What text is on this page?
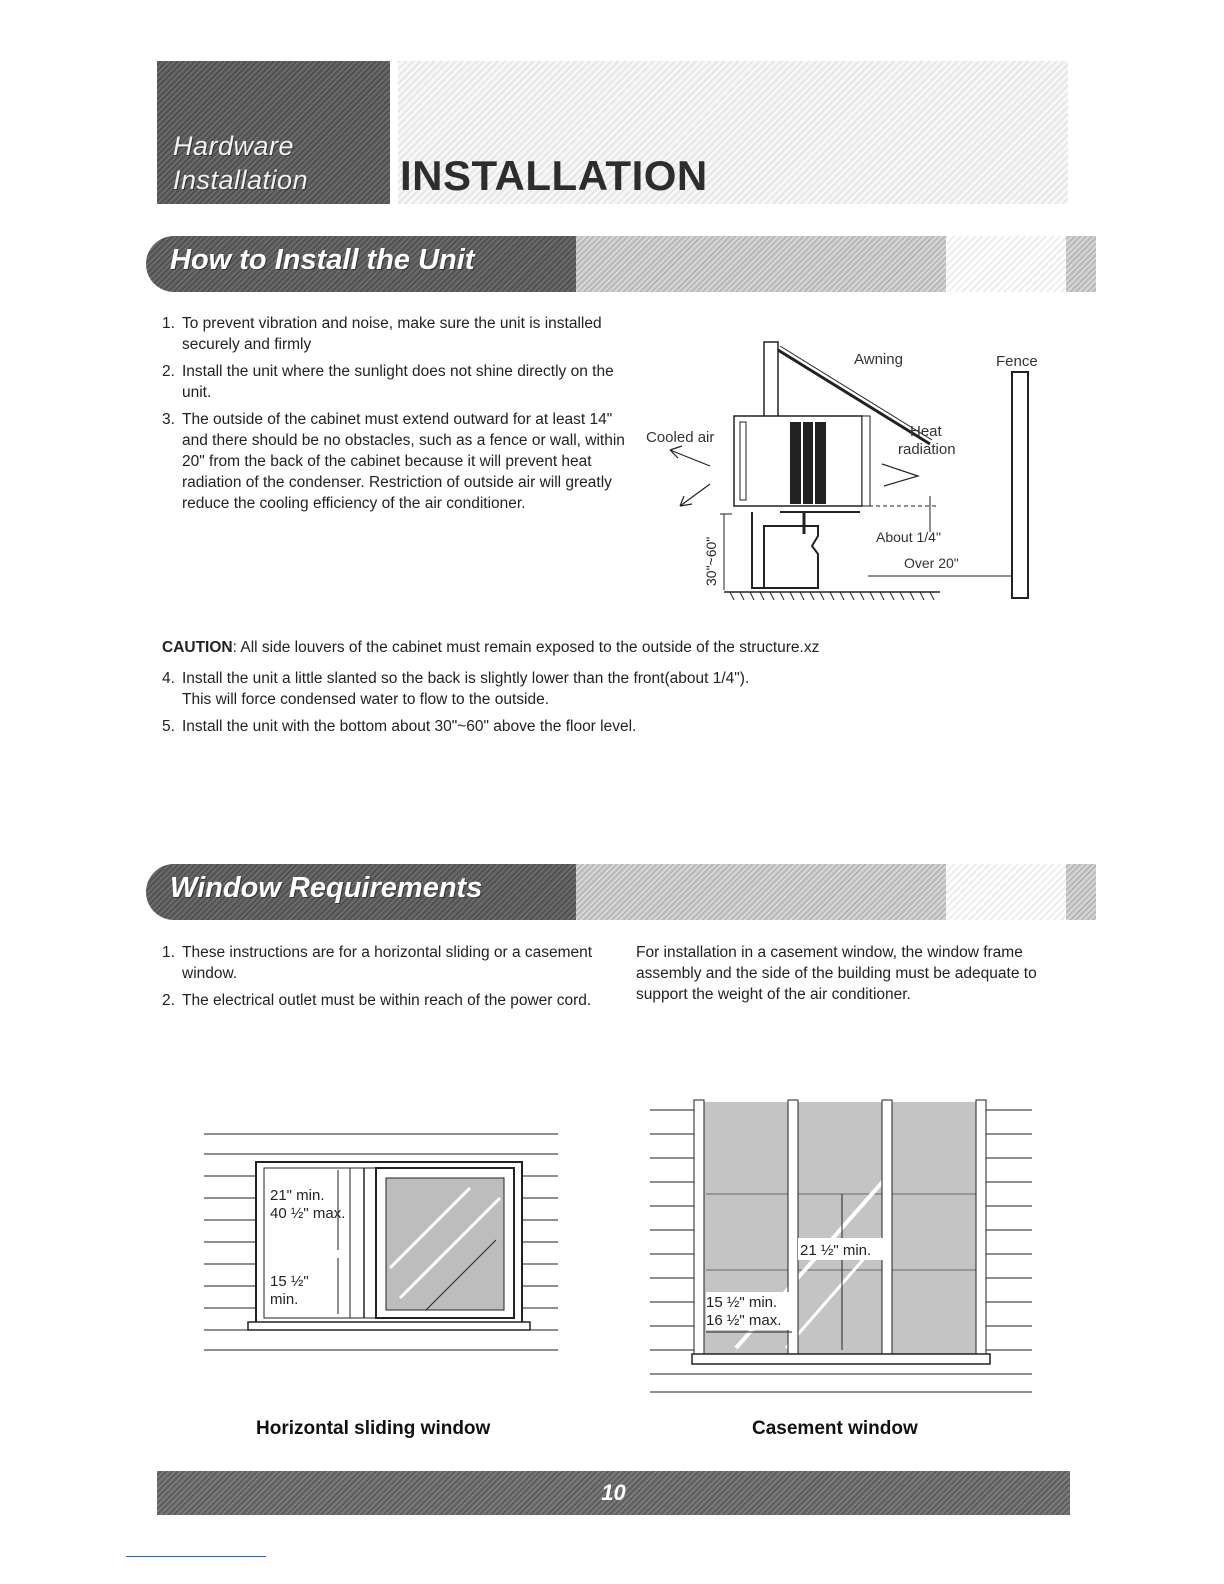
Hardware
Installation INSTALLATION
How to Install the Unit
1. To prevent vibration and noise, make sure the unit is installed securely and firmly
2. Install the unit where the sunlight does not shine directly on the unit.
3. The outside of the cabinet must extend outward for at least 14" and there should be no obstacles, such as a fence or wall, within 20" from the back of the cabinet because it will prevent heat radiation of the condenser. Restriction of outside air will greatly reduce the cooling efficiency of the air conditioner.
30"~60"
Cooled air	Heat
radiation
Awning	Fence
About 1/4"
Over 20"
CAUTION: All side louvers of the cabinet must remain exposed to the outside of the structure.xz
4. Install the unit a little slanted so the back is slightly lower than the front(about 1/4").
This will force condensed water to flow to the outside.
5. Install the unit with the bottom about 30"~60" above the floor level.
Window Requirements
1. These instructions are for a horizontal sliding or a casement window.
2. The electrical outlet must be within reach of the power cord.
For installation in a casement window, the window frame assembly and the side of the building must be adequate to support the weight of the air conditioner.
21" min.
40 ½" max.
15 ½"
min.
Horizontal sliding window
21 ½" min.
15 ½" min.
16 ½" max.
Casement window
10
